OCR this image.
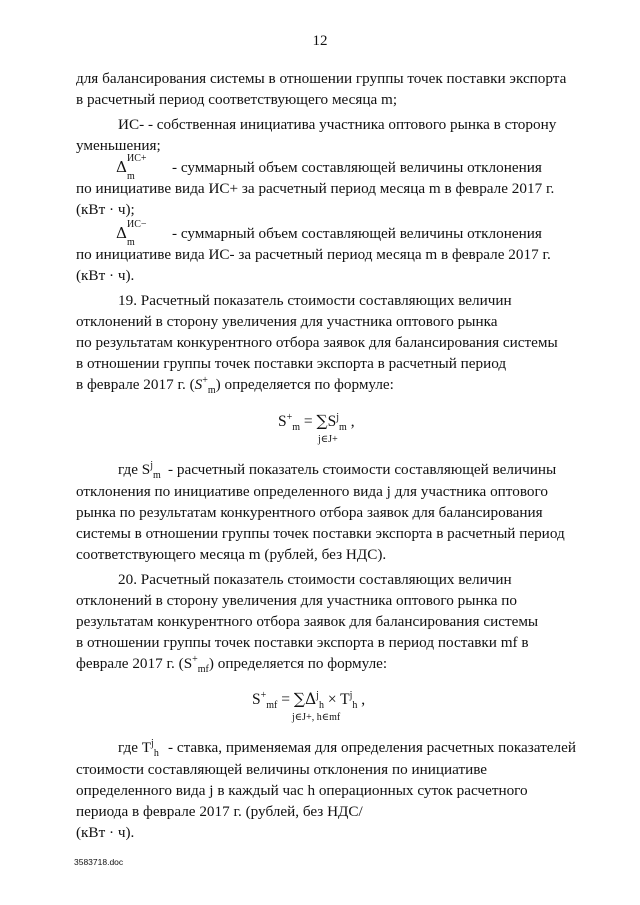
12
для балансирования системы в отношении группы точек поставки экспорта
в расчетный период соответствующего месяца m;
ИС- - собственная инициатива участника оптового рынка в сторону
уменьшения;
Δ ИС+
m
- суммарный объем составляющей величины отклонения
по инициативе вида ИС+ за расчетный период месяца m в феврале 2017 г.
(кВт · ч);
Δ ИС−
m
- суммарный объем составляющей величины отклонения
по инициативе вида ИС- за расчетный период месяца m в феврале 2017 г.
(кВт · ч).
19. Расчетный показатель стоимости составляющих величин
отклонений в сторону увеличения для участника оптового рынка
по результатам конкурентного отбора заявок для балансирования системы
в отношении группы точек поставки экспорта в расчетный период
в феврале 2017 г. $(S^+_m)$ определяется по формуле:
$S^+_m = \sum S^j_m$ ,
j∈J+
где $S^j_m$ - расчетный показатель стоимости составляющей величины
отклонения по инициативе определенного вида j для участника оптового
рынка по результатам конкурентного отбора заявок для балансирования
системы в отношении группы точек поставки экспорта в расчетный период
соответствующего месяца m (рублей, без НДС).
20. Расчетный показатель стоимости составляющих величин
отклонений в сторону увеличения для участника оптового рынка по
результатам конкурентного отбора заявок для балансирования системы
в отношении группы точек поставки экспорта в период поставки mf в
феврале 2017 г. $(S^+_{mf})$ определяется по формуле:
$S^+_{mf} = \sum\Delta^j_h \times T^j_h$ ,
j∈J+, h∈mf
где $T^j_h$ - ставка, применяемая для определения расчетных показателей
стоимости составляющей величины отклонения по инициативе
определенного вида j в каждый час h операционных суток расчетного
периода в феврале 2017 г. (рублей, без НДС/
(кВт · ч).
3583718.doc
